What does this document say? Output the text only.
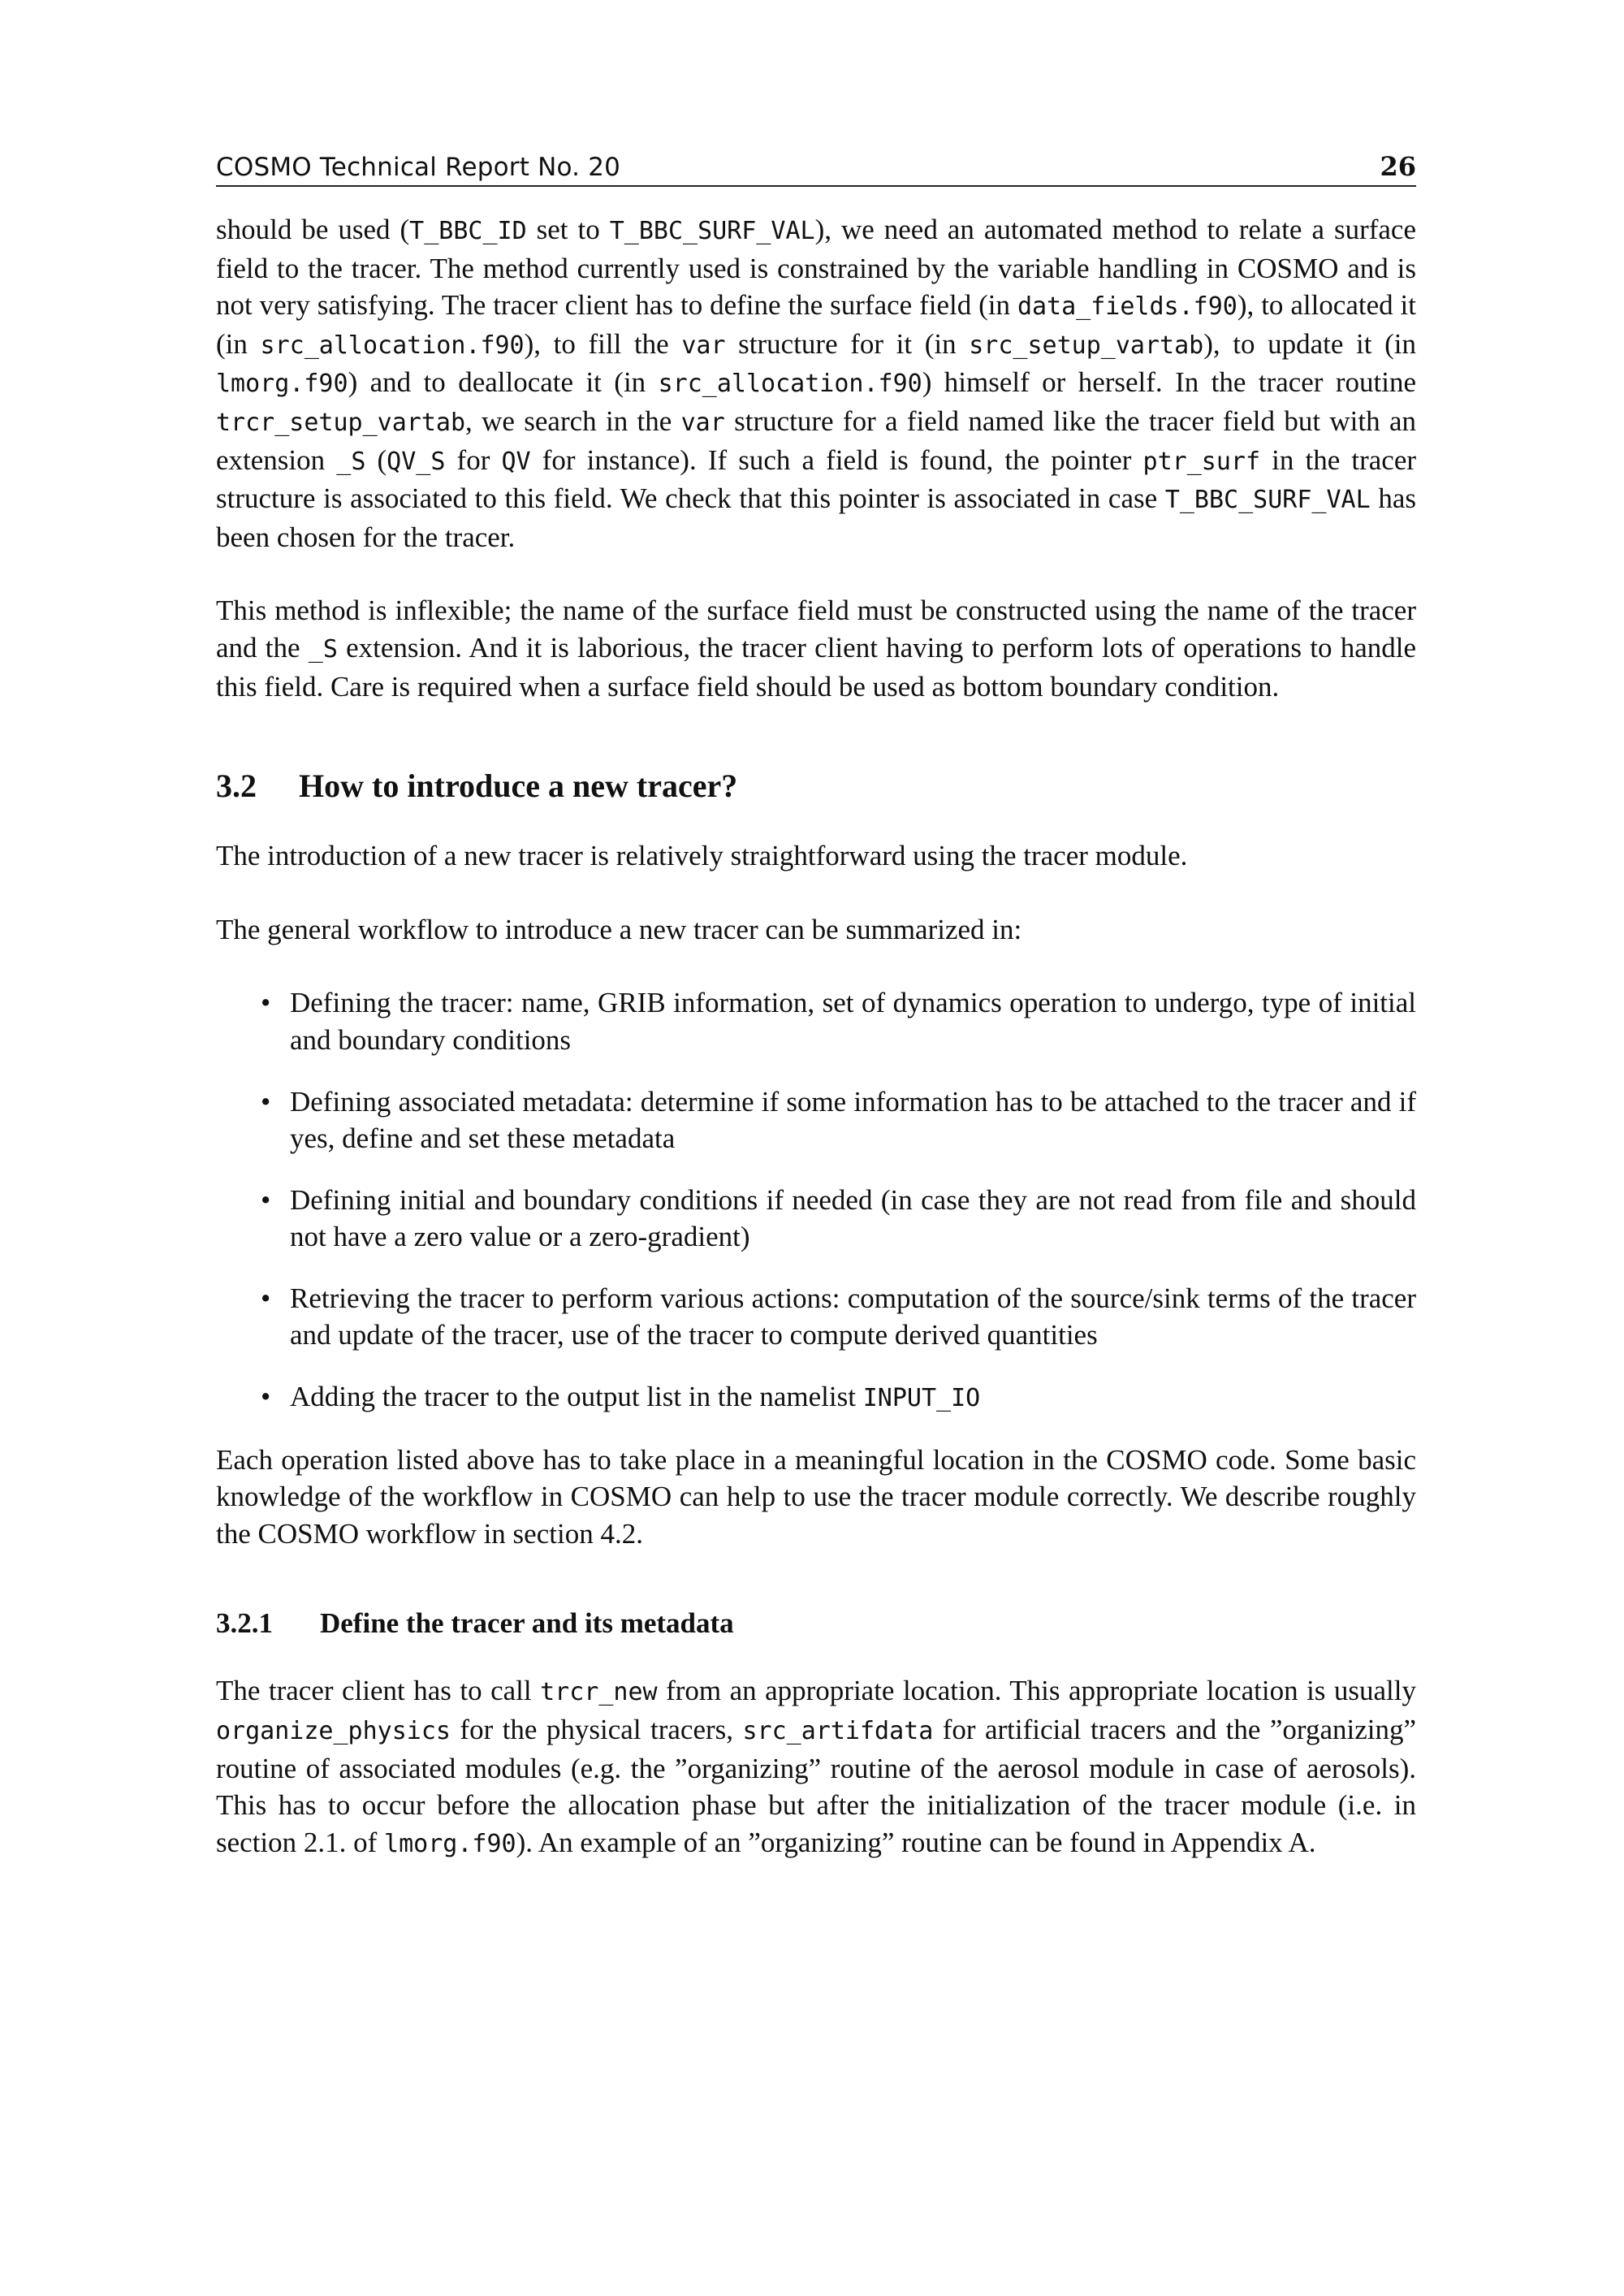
COSMO Technical Report No. 20	26

should be used (T_BBC_ID set to T_BBC_SURF_VAL), we need an automated method to relate a surface field to the tracer. The method currently used is constrained by the variable handling in COSMO and is not very satisfying. The tracer client has to define the surface field (in data_fields.f90), to allocated it (in src_allocation.f90), to fill the var structure for it (in src_setup_vartab), to update it (in lmorg.f90) and to deallocate it (in src_allocation.f90) himself or herself. In the tracer routine trcr_setup_vartab, we search in the var structure for a field named like the tracer field but with an extension _S (QV_S for QV for instance). If such a field is found, the pointer ptr_surf in the tracer structure is associated to this field. We check that this pointer is associated in case T_BBC_SURF_VAL has been chosen for the tracer.

This method is inflexible; the name of the surface field must be constructed using the name of the tracer and the _S extension. And it is laborious, the tracer client having to perform lots of operations to handle this field. Care is required when a surface field should be used as bottom boundary condition.

3.2 How to introduce a new tracer?

The introduction of a new tracer is relatively straightforward using the tracer module.

The general workflow to introduce a new tracer can be summarized in:

• Defining the tracer: name, GRIB information, set of dynamics operation to undergo, type of initial and boundary conditions

• Defining associated metadata: determine if some information has to be attached to the tracer and if yes, define and set these metadata

• Defining initial and boundary conditions if needed (in case they are not read from file and should not have a zero value or a zero-gradient)

• Retrieving the tracer to perform various actions: computation of the source/sink terms of the tracer and update of the tracer, use of the tracer to compute derived quantities

• Adding the tracer to the output list in the namelist INPUT_IO

Each operation listed above has to take place in a meaningful location in the COSMO code. Some basic knowledge of the workflow in COSMO can help to use the tracer module correctly. We describe roughly the COSMO workflow in section 4.2.

3.2.1 Define the tracer and its metadata

The tracer client has to call trcr_new from an appropriate location. This appropriate location is usually organize_physics for the physical tracers, src_artifdata for artificial tracers and the ”organizing” routine of associated modules (e.g. the ”organizing” routine of the aerosol module in case of aerosols). This has to occur before the allocation phase but after the initialization of the tracer module (i.e. in section 2.1. of lmorg.f90). An example of an ”organizing” routine can be found in Appendix A.
